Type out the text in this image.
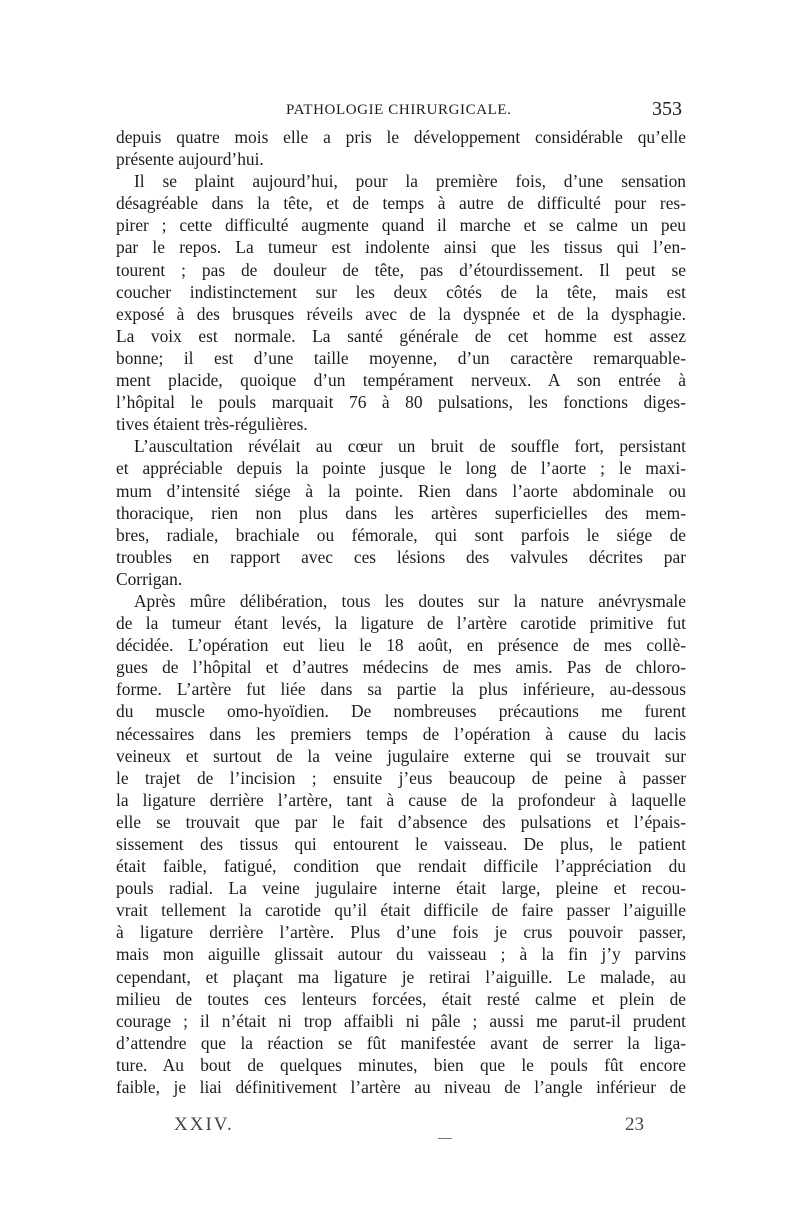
PATHOLOGIE CHIRURGICALE.	353
depuis quatre mois elle a pris le développement considérable qu’elle
présente aujourd’hui.
Il se plaint aujourd’hui, pour la première fois, d’une sensation
désagréable dans la tête, et de temps à autre de difficulté pour res-
pirer ; cette difficulté augmente quand il marche et se calme un peu
par le repos. La tumeur est indolente ainsi que les tissus qui l’en-
tourent ; pas de douleur de tête, pas d’étourdissement. Il peut se
coucher indistinctement sur les deux côtés de la tête, mais est
exposé à des brusques réveils avec de la dyspnée et de la dysphagie.
La voix est normale. La santé générale de cet homme est assez
bonne; il est d’une taille moyenne, d’un caractère remarquable-
ment placide, quoique d’un tempérament nerveux. A son entrée à
l’hôpital le pouls marquait 76 à 80 pulsations, les fonctions diges-
tives étaient très-régulières.
L’auscultation révélait au cœur un bruit de souffle fort, persistant
et appréciable depuis la pointe jusque le long de l’aorte ; le maxi-
mum d’intensité siége à la pointe. Rien dans l’aorte abdominale ou
thoracique, rien non plus dans les artères superficielles des mem-
bres, radiale, brachiale ou fémorale, qui sont parfois le siége de
troubles en rapport avec ces lésions des valvules décrites par
Corrigan.
Après mûre délibération, tous les doutes sur la nature anévrysmale
de la tumeur étant levés, la ligature de l’artère carotide primitive fut
décidée. L’opération eut lieu le 18 août, en présence de mes collè-
gues de l’hôpital et d’autres médecins de mes amis. Pas de chloro-
forme. L’artère fut liée dans sa partie la plus inférieure, au-dessous
du muscle omo-hyoïdien. De nombreuses précautions me furent
nécessaires dans les premiers temps de l’opération à cause du lacis
veineux et surtout de la veine jugulaire externe qui se trouvait sur
le trajet de l’incision ; ensuite j’eus beaucoup de peine à passer
la ligature derrière l’artère, tant à cause de la profondeur à laquelle
elle se trouvait que par le fait d’absence des pulsations et l’épais-
sissement des tissus qui entourent le vaisseau. De plus, le patient
était faible, fatigué, condition que rendait difficile l’appréciation du
pouls radial. La veine jugulaire interne était large, pleine et recou-
vrait tellement la carotide qu’il était difficile de faire passer l’aiguille
à ligature derrière l’artère. Plus d’une fois je crus pouvoir passer,
mais mon aiguille glissait autour du vaisseau ; à la fin j’y parvins
cependant, et plaçant ma ligature je retirai l’aiguille. Le malade, au
milieu de toutes ces lenteurs forcées, était resté calme et plein de
courage ; il n’était ni trop affaibli ni pâle ; aussi me parut-il prudent
d’attendre que la réaction se fût manifestée avant de serrer la liga-
ture. Au bout de quelques minutes, bien que le pouls fût encore
faible, je liai définitivement l’artère au niveau de l’angle inférieur de
XXIV.	23
